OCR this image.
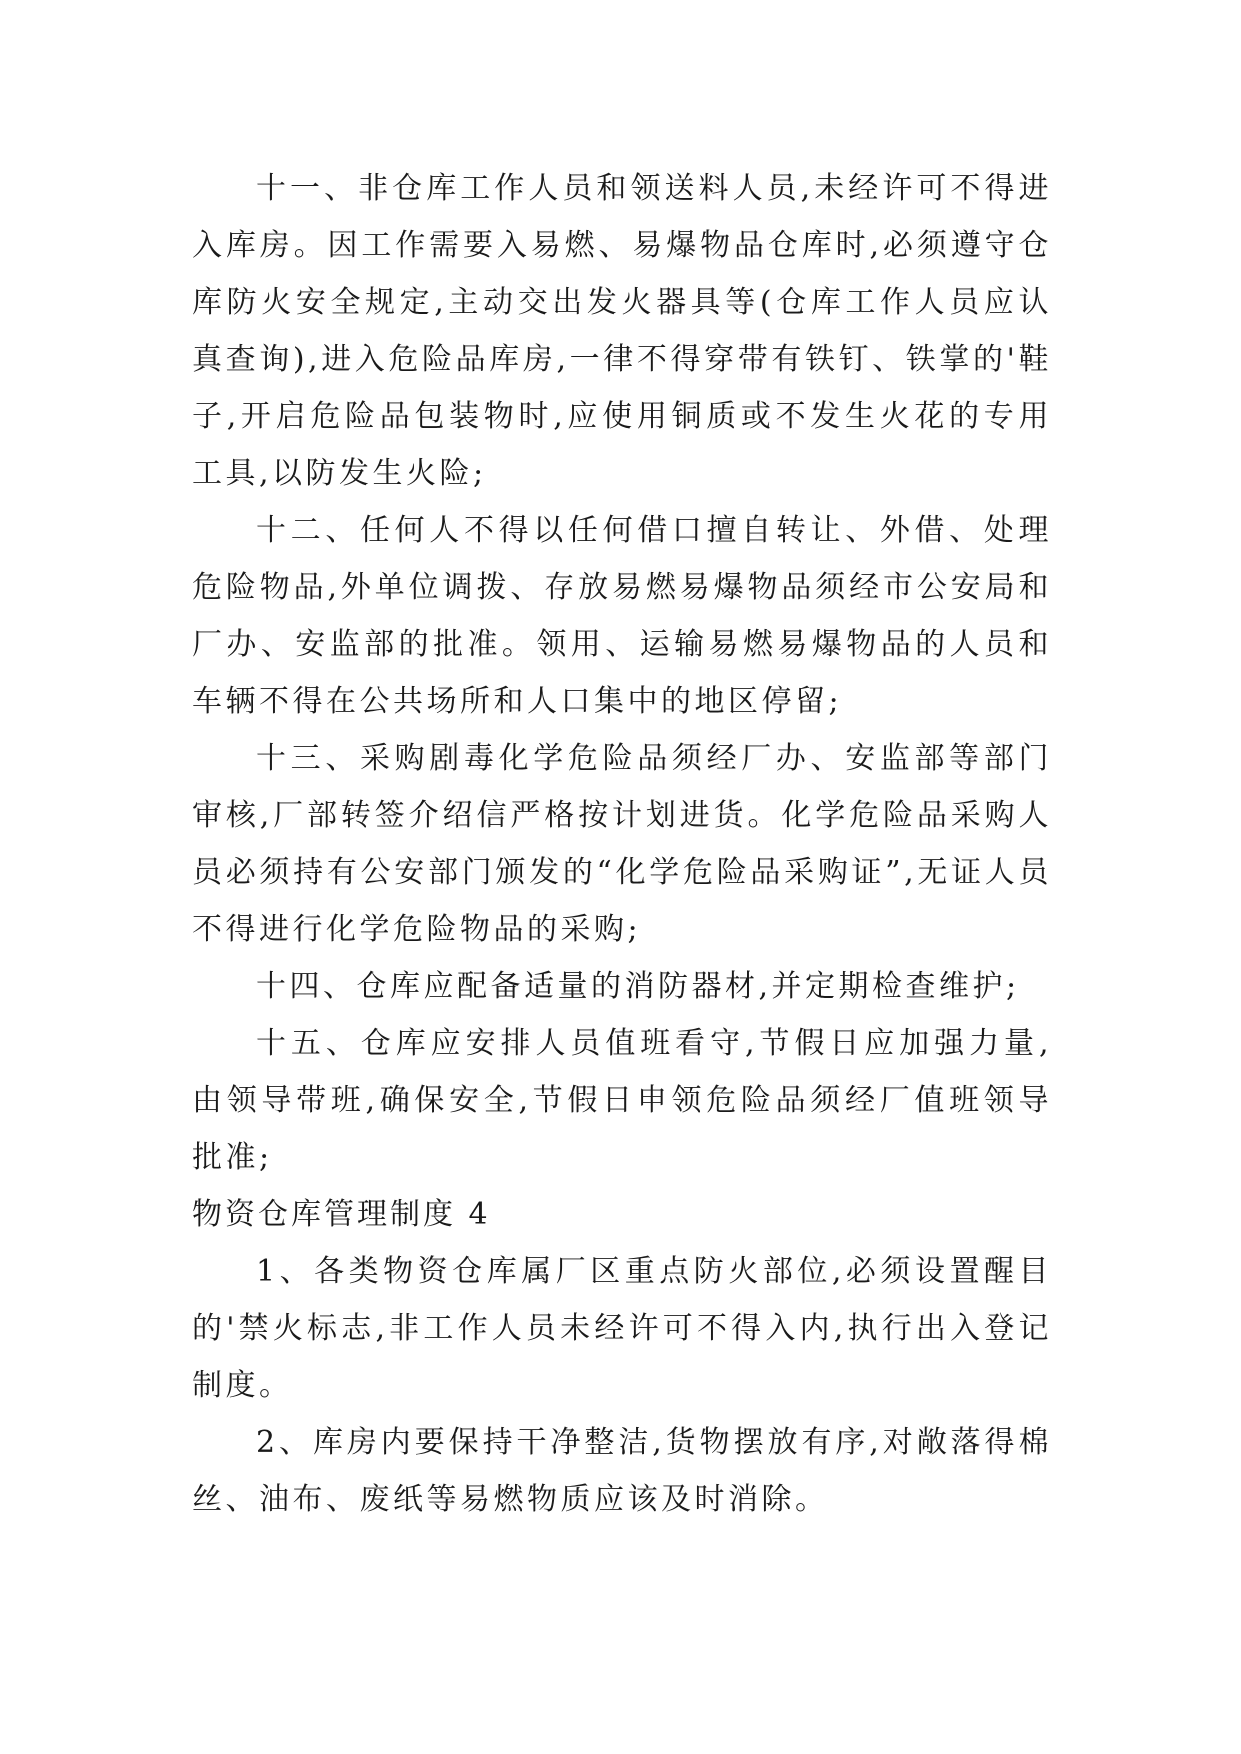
十一、非仓库工作人员和领送料人员,未经许可不得进入库房。因工作需要入易燃、易爆物品仓库时,必须遵守仓库防火安全规定,主动交出发火器具等(仓库工作人员应认真查询),进入危险品库房,一律不得穿带有铁钉、铁掌的'鞋子,开启危险品包装物时,应使用铜质或不发生火花的专用工具,以防发生火险;

十二、任何人不得以任何借口擅自转让、外借、处理危险物品,外单位调拨、存放易燃易爆物品须经市公安局和厂办、安监部的批准。领用、运输易燃易爆物品的人员和车辆不得在公共场所和人口集中的地区停留;

十三、采购剧毒化学危险品须经厂办、安监部等部门审核,厂部转签介绍信严格按计划进货。化学危险品采购人员必须持有公安部门颁发的“化学危险品采购证”,无证人员不得进行化学危险物品的采购;

十四、仓库应配备适量的消防器材,并定期检查维护;

十五、仓库应安排人员值班看守,节假日应加强力量,由领导带班,确保安全,节假日申领危险品须经厂值班领导批准;

物资仓库管理制度 4

1、各类物资仓库属厂区重点防火部位,必须设置醒目的'禁火标志,非工作人员未经许可不得入内,执行出入登记制度。

2、库房内要保持干净整洁,货物摆放有序,对敞落得棉丝、油布、废纸等易燃物质应该及时消除。
